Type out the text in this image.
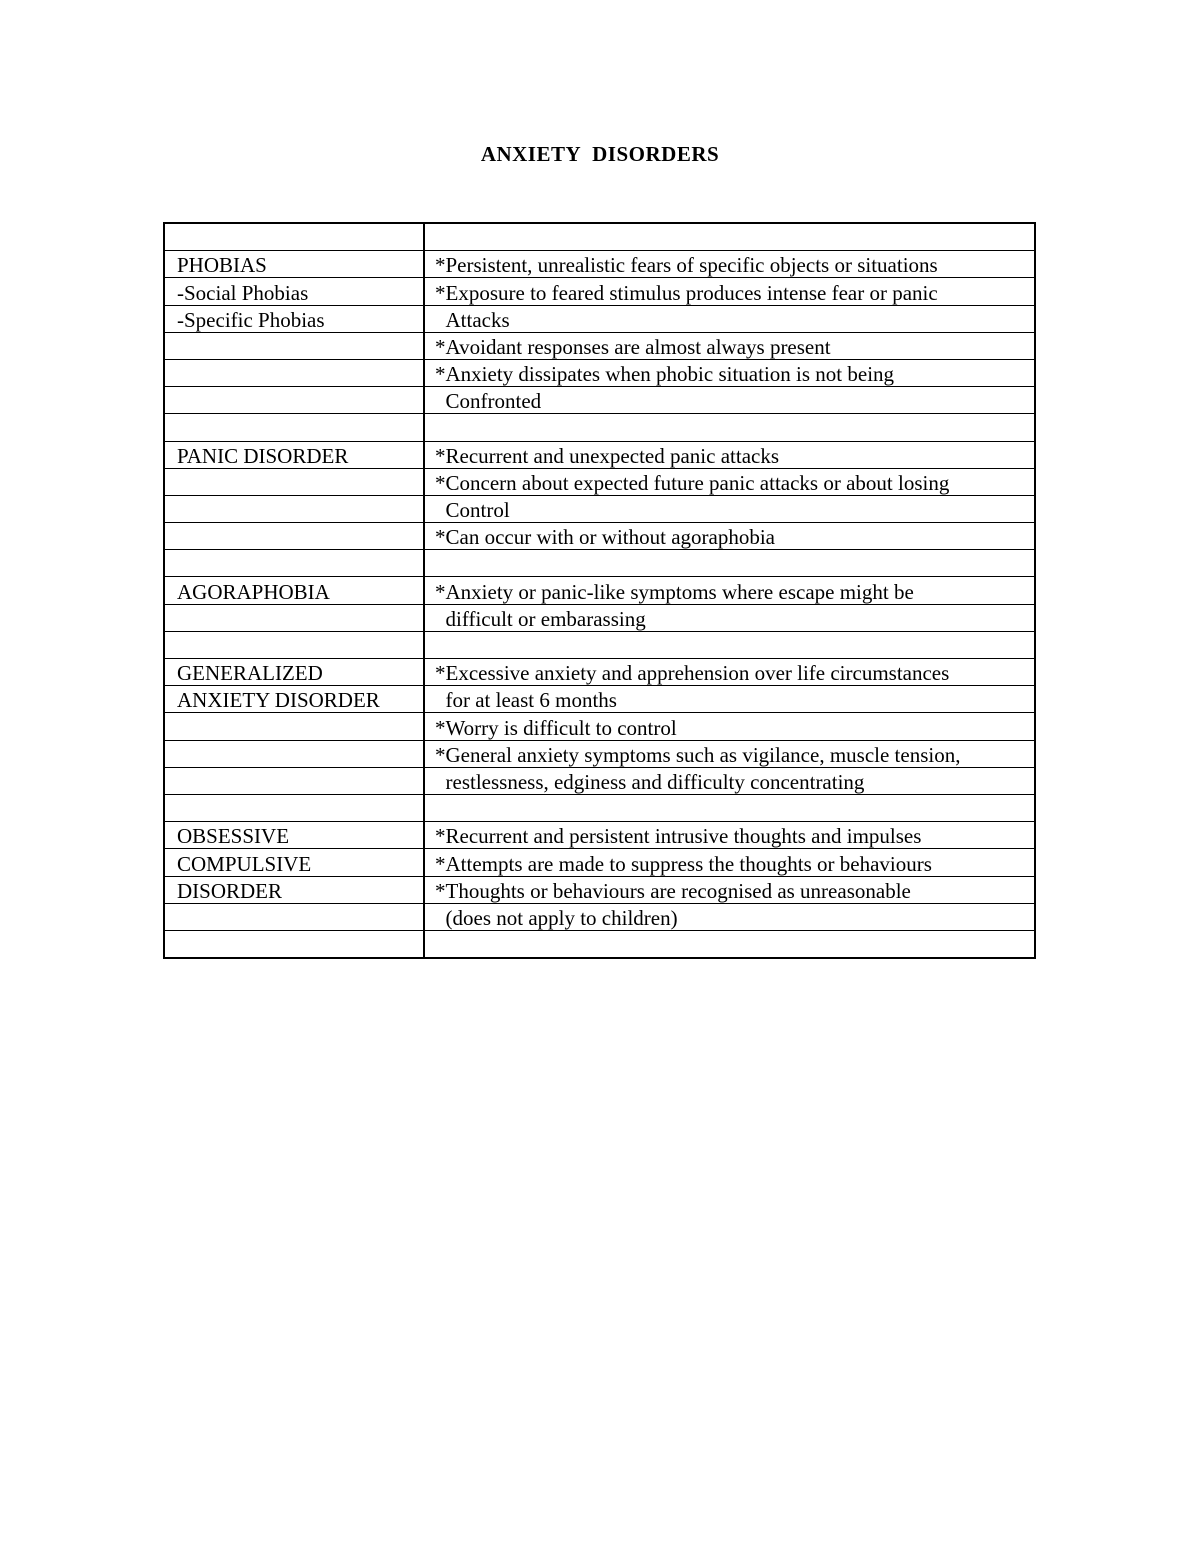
ANXIETY DISORDERS

PHOBIAS	*Persistent, unrealistic fears of specific objects or situations
-Social Phobias	*Exposure to feared stimulus produces intense fear or panic
-Specific Phobias	Attacks
	*Avoidant responses are almost always present
	*Anxiety dissipates when phobic situation is not being
	Confronted

PANIC DISORDER	*Recurrent and unexpected panic attacks
	*Concern about expected future panic attacks or about losing
	Control
	*Can occur with or without agoraphobia

AGORAPHOBIA	*Anxiety or panic-like symptoms where escape might be
	difficult or embarassing

GENERALIZED	*Excessive anxiety and apprehension over life circumstances
ANXIETY DISORDER	for at least 6 months
	*Worry is difficult to control
	*General anxiety symptoms such as vigilance, muscle tension,
	restlessness, edginess and difficulty concentrating

OBSESSIVE	*Recurrent and persistent intrusive thoughts and impulses
COMPULSIVE	*Attempts are made to suppress the thoughts or behaviours
DISORDER	*Thoughts or behaviours are recognised as unreasonable
	(does not apply to children)
